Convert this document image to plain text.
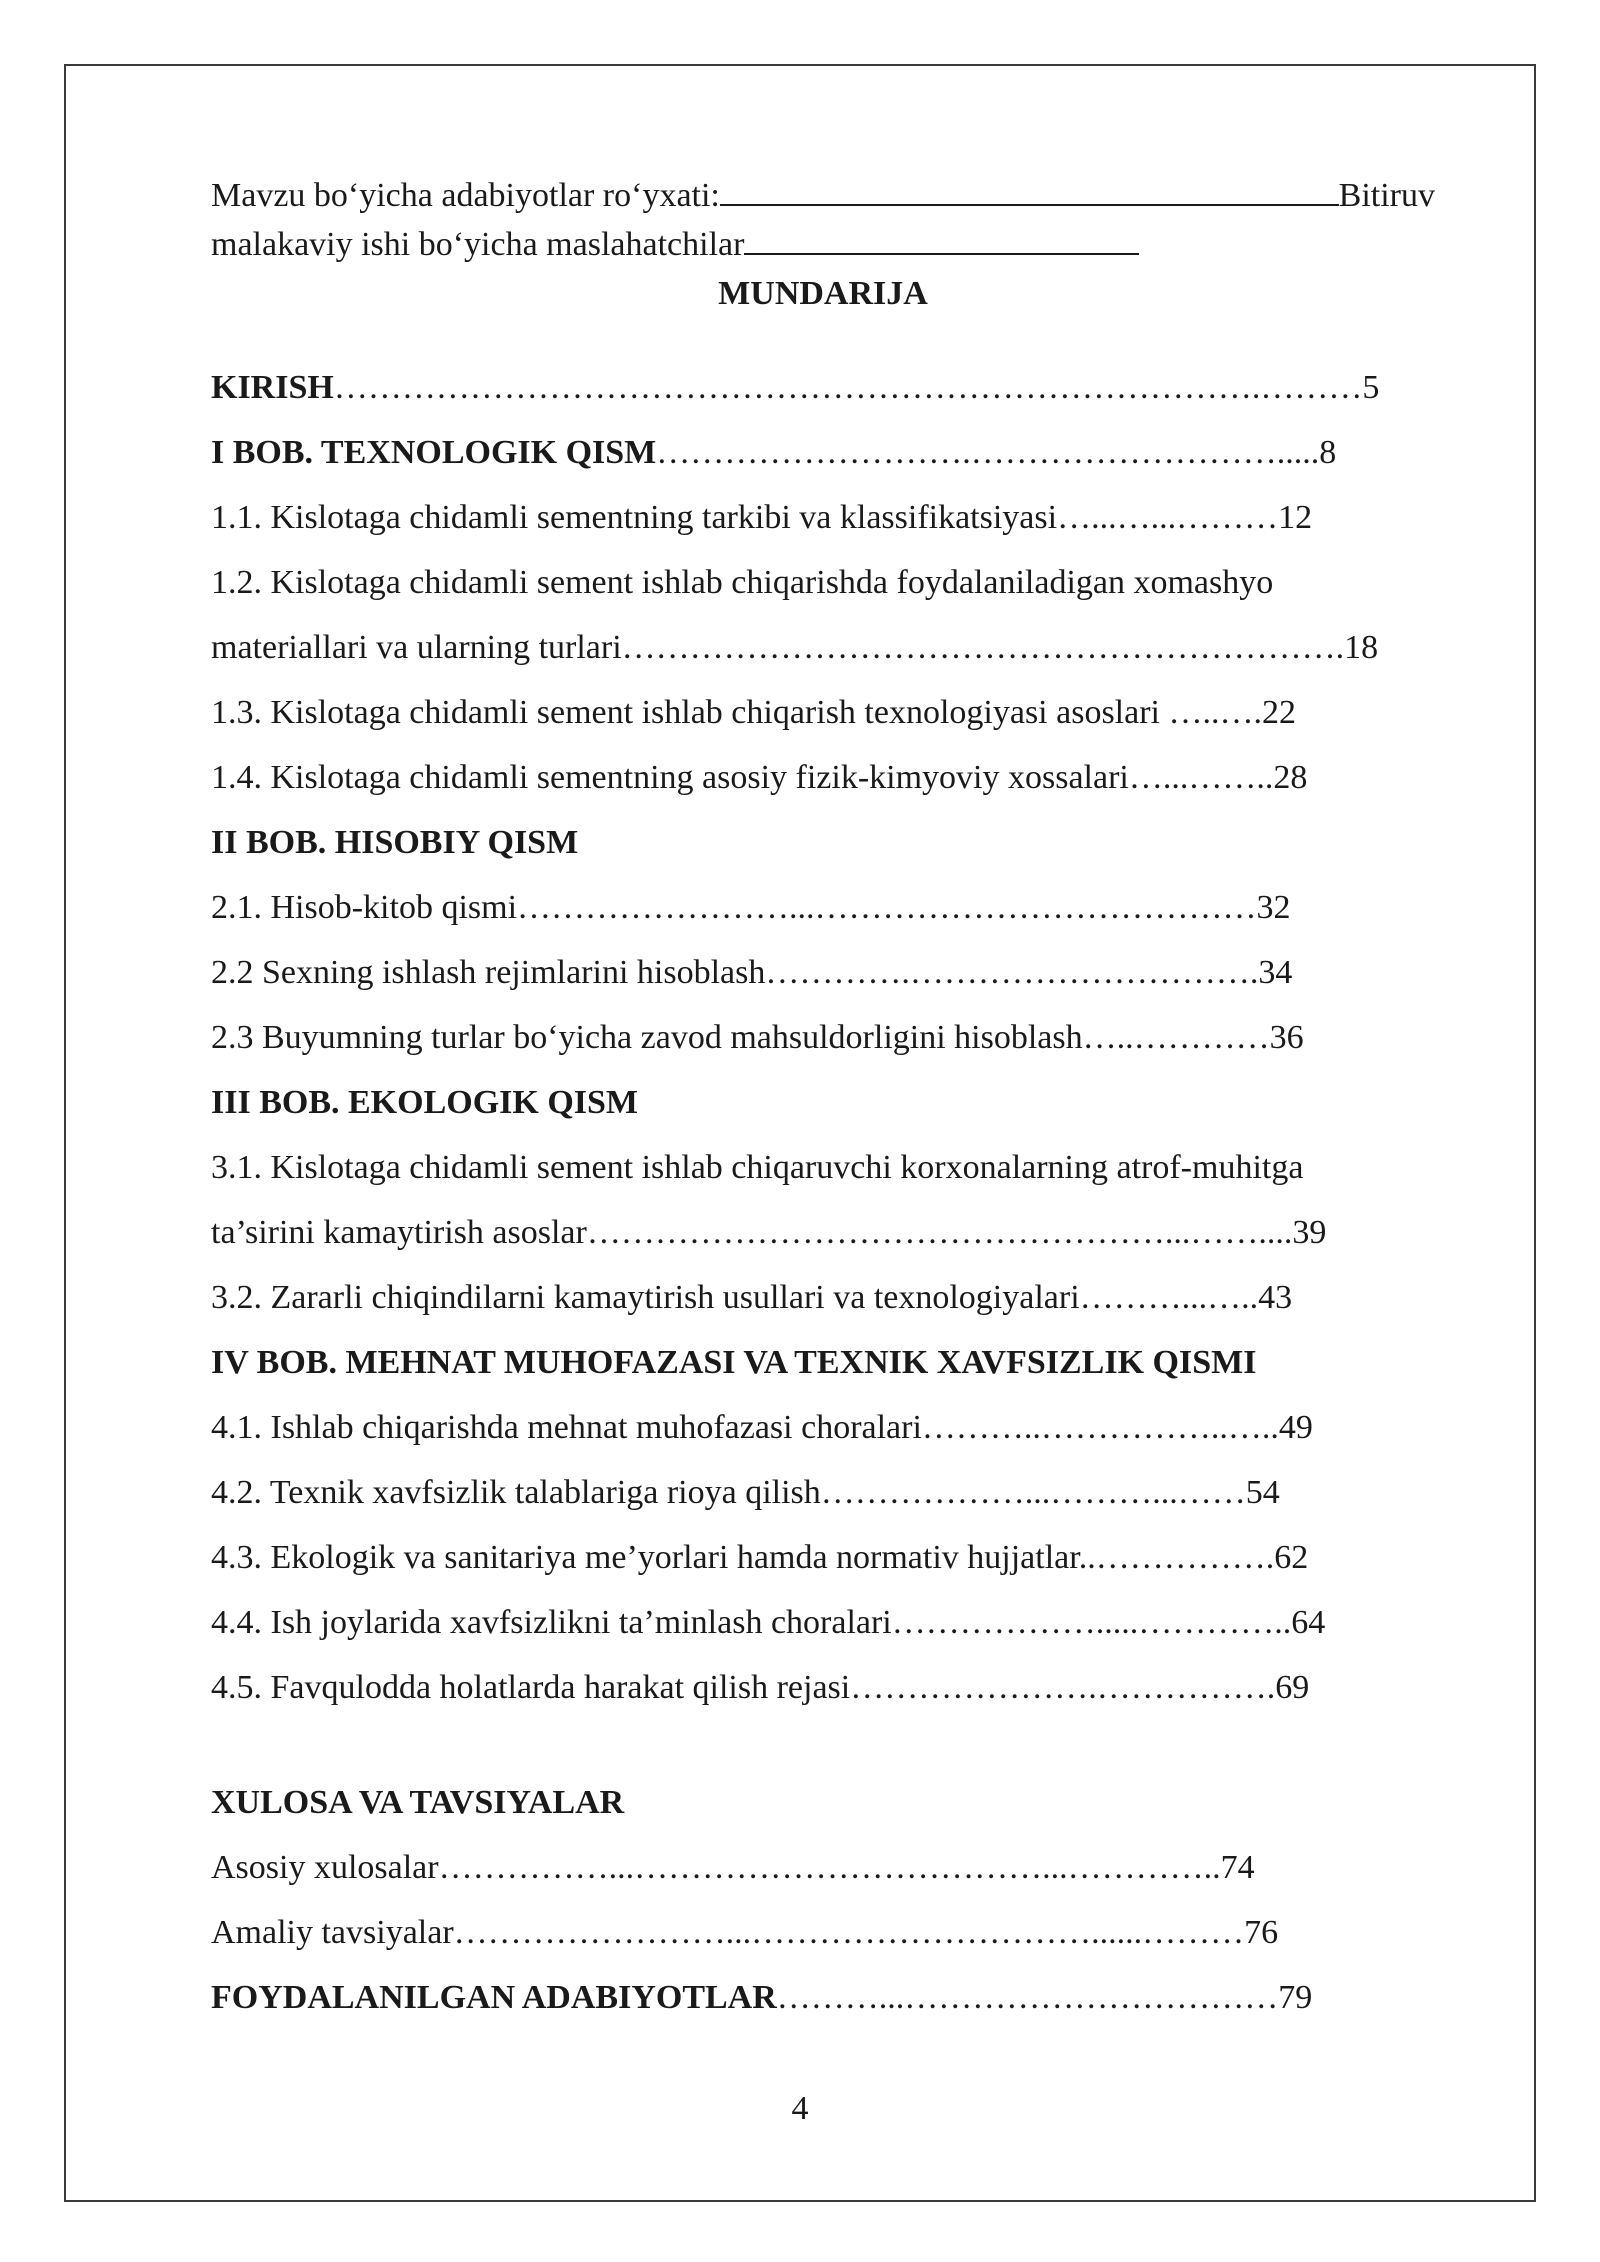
Mavzu bo‘yicha adabiyotlar ro‘yxati:	Bitiruv
malakaviy ishi bo‘yicha maslahatchilar
MUNDARIJA
KIRISH……………………………………………………………………….………5
I BOB. TEXNOLOGIK QISM……………………….……………………….....8
1.1. Kislotaga chidamli sementning tarkibi va klassifikatsiyasi…...…...………12
1.2. Kislotaga chidamli sement ishlab chiqarishda foydalaniladigan xomashyo
materiallari va ularning turlari……………………………………………………….18
1.3. Kislotaga chidamli sement ishlab chiqarish texnologiyasi asoslari …..….22
1.4. Kislotaga chidamli sementning asosiy fizik-kimyoviy xossalari…...……..28
II BOB. HISOBIY QISM
2.1. Hisob-kitob qismi……………………...…………………………………32
2.2 Sexning ishlash rejimlarini hisoblash………….………………………….34
2.3 Buyumning turlar bo‘yicha zavod mahsuldorligini hisoblash…..…………36
III BOB. EKOLOGIK QISM
3.1. Kislotaga chidamli sement ishlab chiqaruvchi korxonalarning atrof-muhitga
ta’sirini kamaytirish asoslar……………………………………………...……....39
3.2. Zararli chiqindilarni kamaytirish usullari va texnologiyalari………...…..43
IV BOB. MEHNAT MUHOFAZASI VA TEXNIK XAVFSIZLIK QISMI
4.1. Ishlab chiqarishda mehnat muhofazasi choralari………..……………..…..49
4.2. Texnik xavfsizlik talablariga rioya qilish………………...………...……54
4.3. Ekologik va sanitariya me’yorlari hamda normativ hujjatlar..…………….62
4.4. Ish joylarida xavfsizlikni ta’minlash choralari……………….....…………..64
4.5. Favqulodda holatlarda harakat qilish rejasi………………….…………….69
XULOSA VA TAVSIYALAR
Asosiy xulosalar……………...………………………………...…………..74
Amaliy tavsiyalar……………………...…………………………......………76
FOYDALANILGAN ADABIYOTLAR………...……………………………79
4
